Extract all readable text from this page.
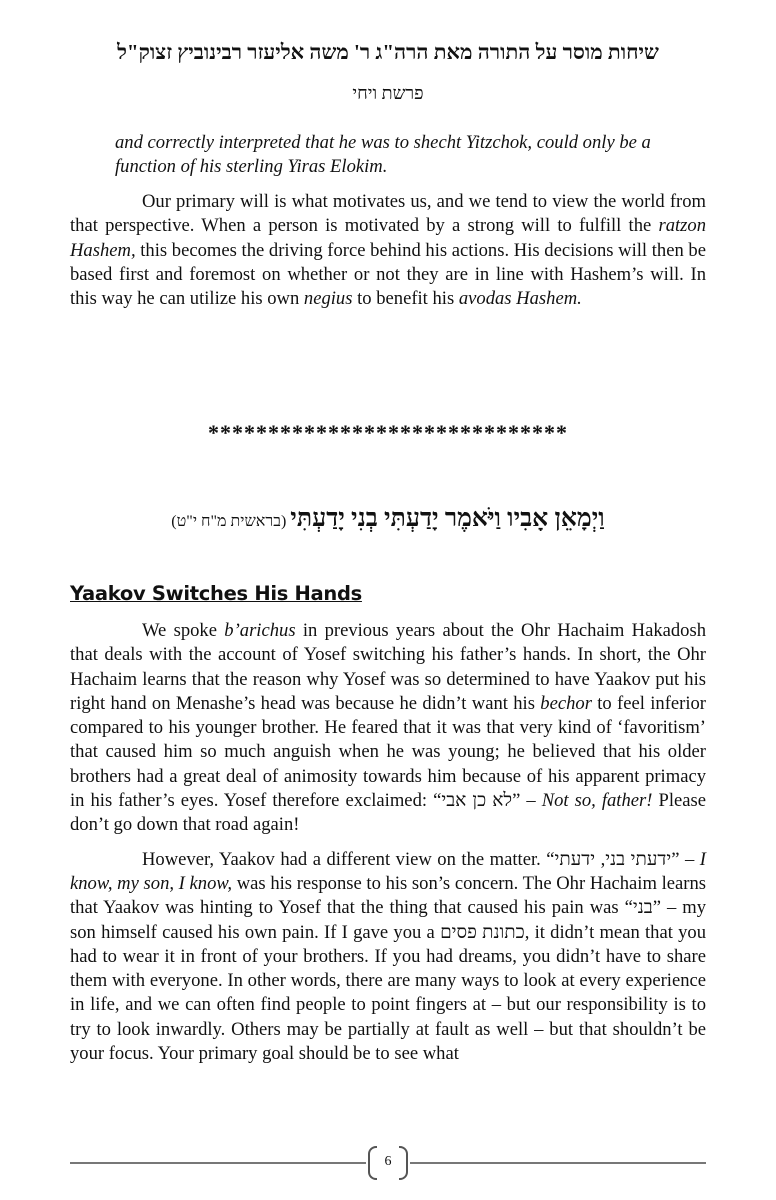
שיחות מוסר על התורה מאת הרה"ג ר' משה אליעזר רבינוביץ זצוק"ל
פרשת ויחי
and correctly interpreted that he was to shecht Yitzchok, could only be a function of his sterling Yiras Elokim.

Our primary will is what motivates us, and we tend to view the world from that perspective. When a person is motivated by a strong will to fulfill the ratzon Hashem, this becomes the driving force behind his actions. His decisions will then be based first and foremost on whether or not they are in line with Hashem’s will. In this way he can utilize his own negius to benefit his avodas Hashem.

******************************
וַיְמָאֵן אָבִיו וַיֹּאמֶר יָדַעְתִּי בְנִי יָדַעְתִּי (בראשית מ"ח י"ט)
Yaakov Switches His Hands

We spoke b’arichus in previous years about the Ohr Hachaim Hakadosh that deals with the account of Yosef switching his father’s hands. In short, the Ohr Hachaim learns that the reason why Yosef was so determined to have Yaakov put his right hand on Menashe’s head was because he didn’t want his bechor to feel inferior compared to his younger brother. He feared that it was that very kind of ‘favoritism’ that caused him so much anguish when he was young; he believed that his older brothers had a great deal of animosity towards him because of his apparent primacy in his father’s eyes. Yosef therefore exclaimed: “לא כן אבי” – Not so, father! Please don’t go down that road again!

However, Yaakov had a different view on the matter. “ידעתי בני, ידעתי” – I know, my son, I know, was his response to his son’s concern. The Ohr Hachaim learns that Yaakov was hinting to Yosef that the thing that caused his pain was “בני” – my son himself caused his own pain. If I gave you a כתונת פסים, it didn’t mean that you had to wear it in front of your brothers. If you had dreams, you didn’t have to share them with everyone. In other words, there are many ways to look at every experience in life, and we can often find people to point fingers at – but our responsibility is to try to look inwardly. Others may be partially at fault as well – but that shouldn’t be your focus. Your primary goal should be to see what

6
